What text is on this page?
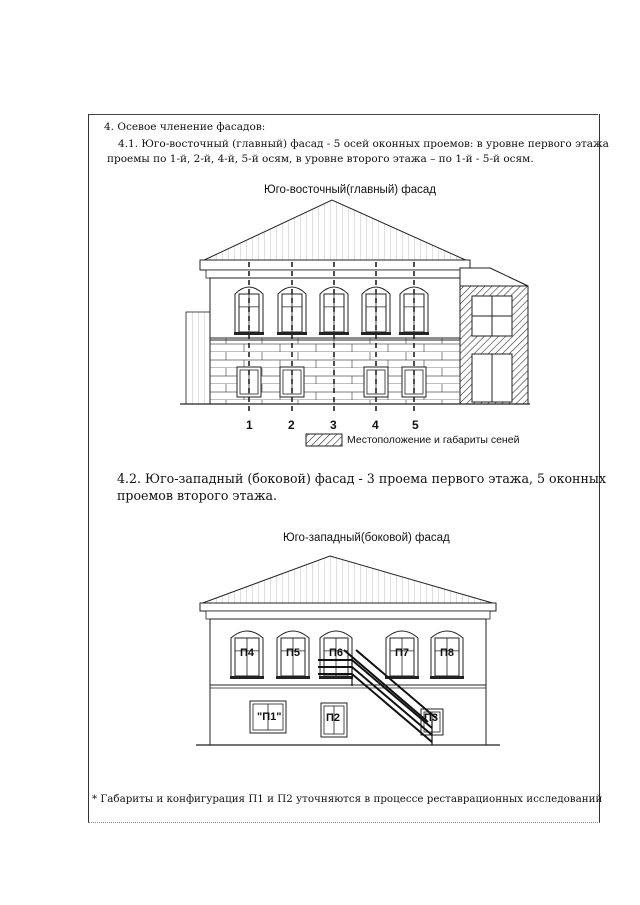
4. Осевое членение фасадов:
4.1. Юго-восточный (главный) фасад - 5 осей оконных проемов: в уровне первого этажа
проемы по 1-й, 2-й, 4-й, 5-й осям, в уровне второго этажа – по 1-й - 5-й осям.
Юго-восточный(главный) фасад
1	2	3	4	5
Местоположение и габариты сеней
4.2. Юго-западный (боковой) фасад - 3 проема первого этажа, 5 оконных
проемов второго этажа.
Юго-западный(боковой) фасад
П4	П5	П6	П7	П8
"П1"	П2	П3
* Габариты и конфигурация П1 и П2 уточняются в процессе реставрационных исследований
